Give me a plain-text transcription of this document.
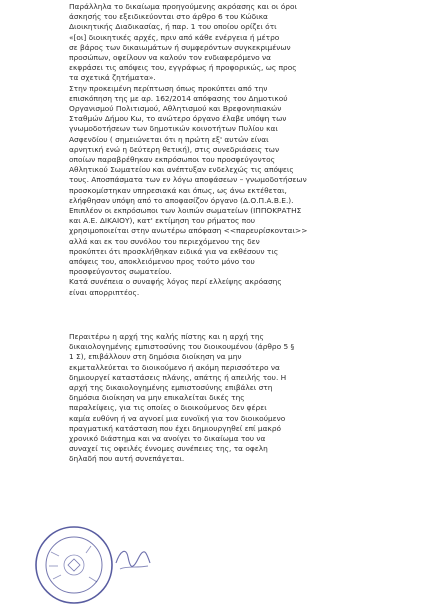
Παράλληλα το δικαίωμα προηγούμενης ακρόασης και οι όροι
άσκησής του εξειδικεύονται στο άρθρο 6 του Κώδικα
Διοικητικής Διαδικασίας, ή παρ. 1 του οποίου ορίζει ότι
«[οι] διοικητικές αρχές, πριν από κάθε ενέργεια ή μέτρο
σε βάρος των δικαιωμάτων ή συμφερόντων συγκεκριμένων
προσώπων, οφείλουν να καλούν τον ενδιαφερόμενο να
εκφράσει τις απόψεις του, εγγράφως ή προφορικώς, ως προς
τα σχετικά ζητήματα».
Στην προκειμένη περίπτωση όπως προκύπτει από την
επισκόπηση της με αρ. 162/2014 απόφασης του Δημοτικού
Οργανισμού Πολιτισμού, Αθλητισμού και Βρεφονηπιακών
Σταθμών Δήμου Κω, το ανώτερο όργανο έλαβε υπόψη των
γνωμοδοτήσεων των δημοτικών κοινοτήτων Πυλίου και
Ασφενδίου ( σημειώνεται ότι η πρώτη εξ' αυτών είναι
αρνητική ενώ η δεύτερη θετική), στις συνεδριάσεις των
οποίων παραβρέθηκαν εκπρόσωποι του προσφεύγοντος
Αθλητικού Σωματείου και ανέπτυξαν ενδελεχώς τις απόψεις
τους. Αποσπάσματα των εν λόγω αποφάσεων – γνωμοδοτήσεων
προσκομίστηκαν υπηρεσιακά και όπως, ως άνω εκτέθεται,
ελήφθησαν υπόψη από το αποφασίζον όργανο (Δ.Ο.Π.Α.Β.Ε.).
Επιπλέον οι εκπρόσωποι των λοιπών σωματείων (ΙΠΠΟΚΡΑΤΗΣ
και Α.Ε. ΔΙΚΑΙΟΥ), κατ' εκτίμηση του ρήματος που
χρησιμοποιείται στην ανωτέρω απόφαση <<παρευρίσκονται>>
αλλά και εκ του συνόλου του περιεχόμενου της δεν
προκύπτει ότι προσκλήθηκαν ειδικά για να εκθέσουν τις
απόψεις του, αποκλειόμενου προς τούτο μόνο του
προσφεύγοντος σωματείου.
Κατά συνέπεια ο συναφής λόγος περί ελλείψης ακρόασης
είναι απορριπτέος.
Περαιτέρω η αρχή της καλής πίστης και η αρχή της
δικαιολογημένης εμπιστοσύνης του διοικουμένου (άρθρο 5 §
1 Σ), επιβάλλουν στη δημόσια διοίκηση να μην
εκμεταλλεύεται το διοικούμενο ή ακόμη περισσότερο να
δημιουργεί καταστάσεις πλάνης, απάτης ή απειλής του. Η
αρχή της δικαιολογημένης εμπιστοσύνης επιβάλει στη
δημόσια διοίκηση να μην επικαλείται δικές της
παραλείψεις, για τις οποίες ο διοικούμενος δεν φέρει
καμία ευθύνη ή να αγνοεί μια ευνοϊκή για τον διοικούμενο
πραγματική κατάσταση που έχει δημιουργηθεί επί μακρό
χρονικό διάστημα και να ανοίγει το δικαίωμα του να
συναχεί τις οφειλές έννομες συνέπειες της, τα οφελη
δηλαδή που αυτή συνεπάγεται.
